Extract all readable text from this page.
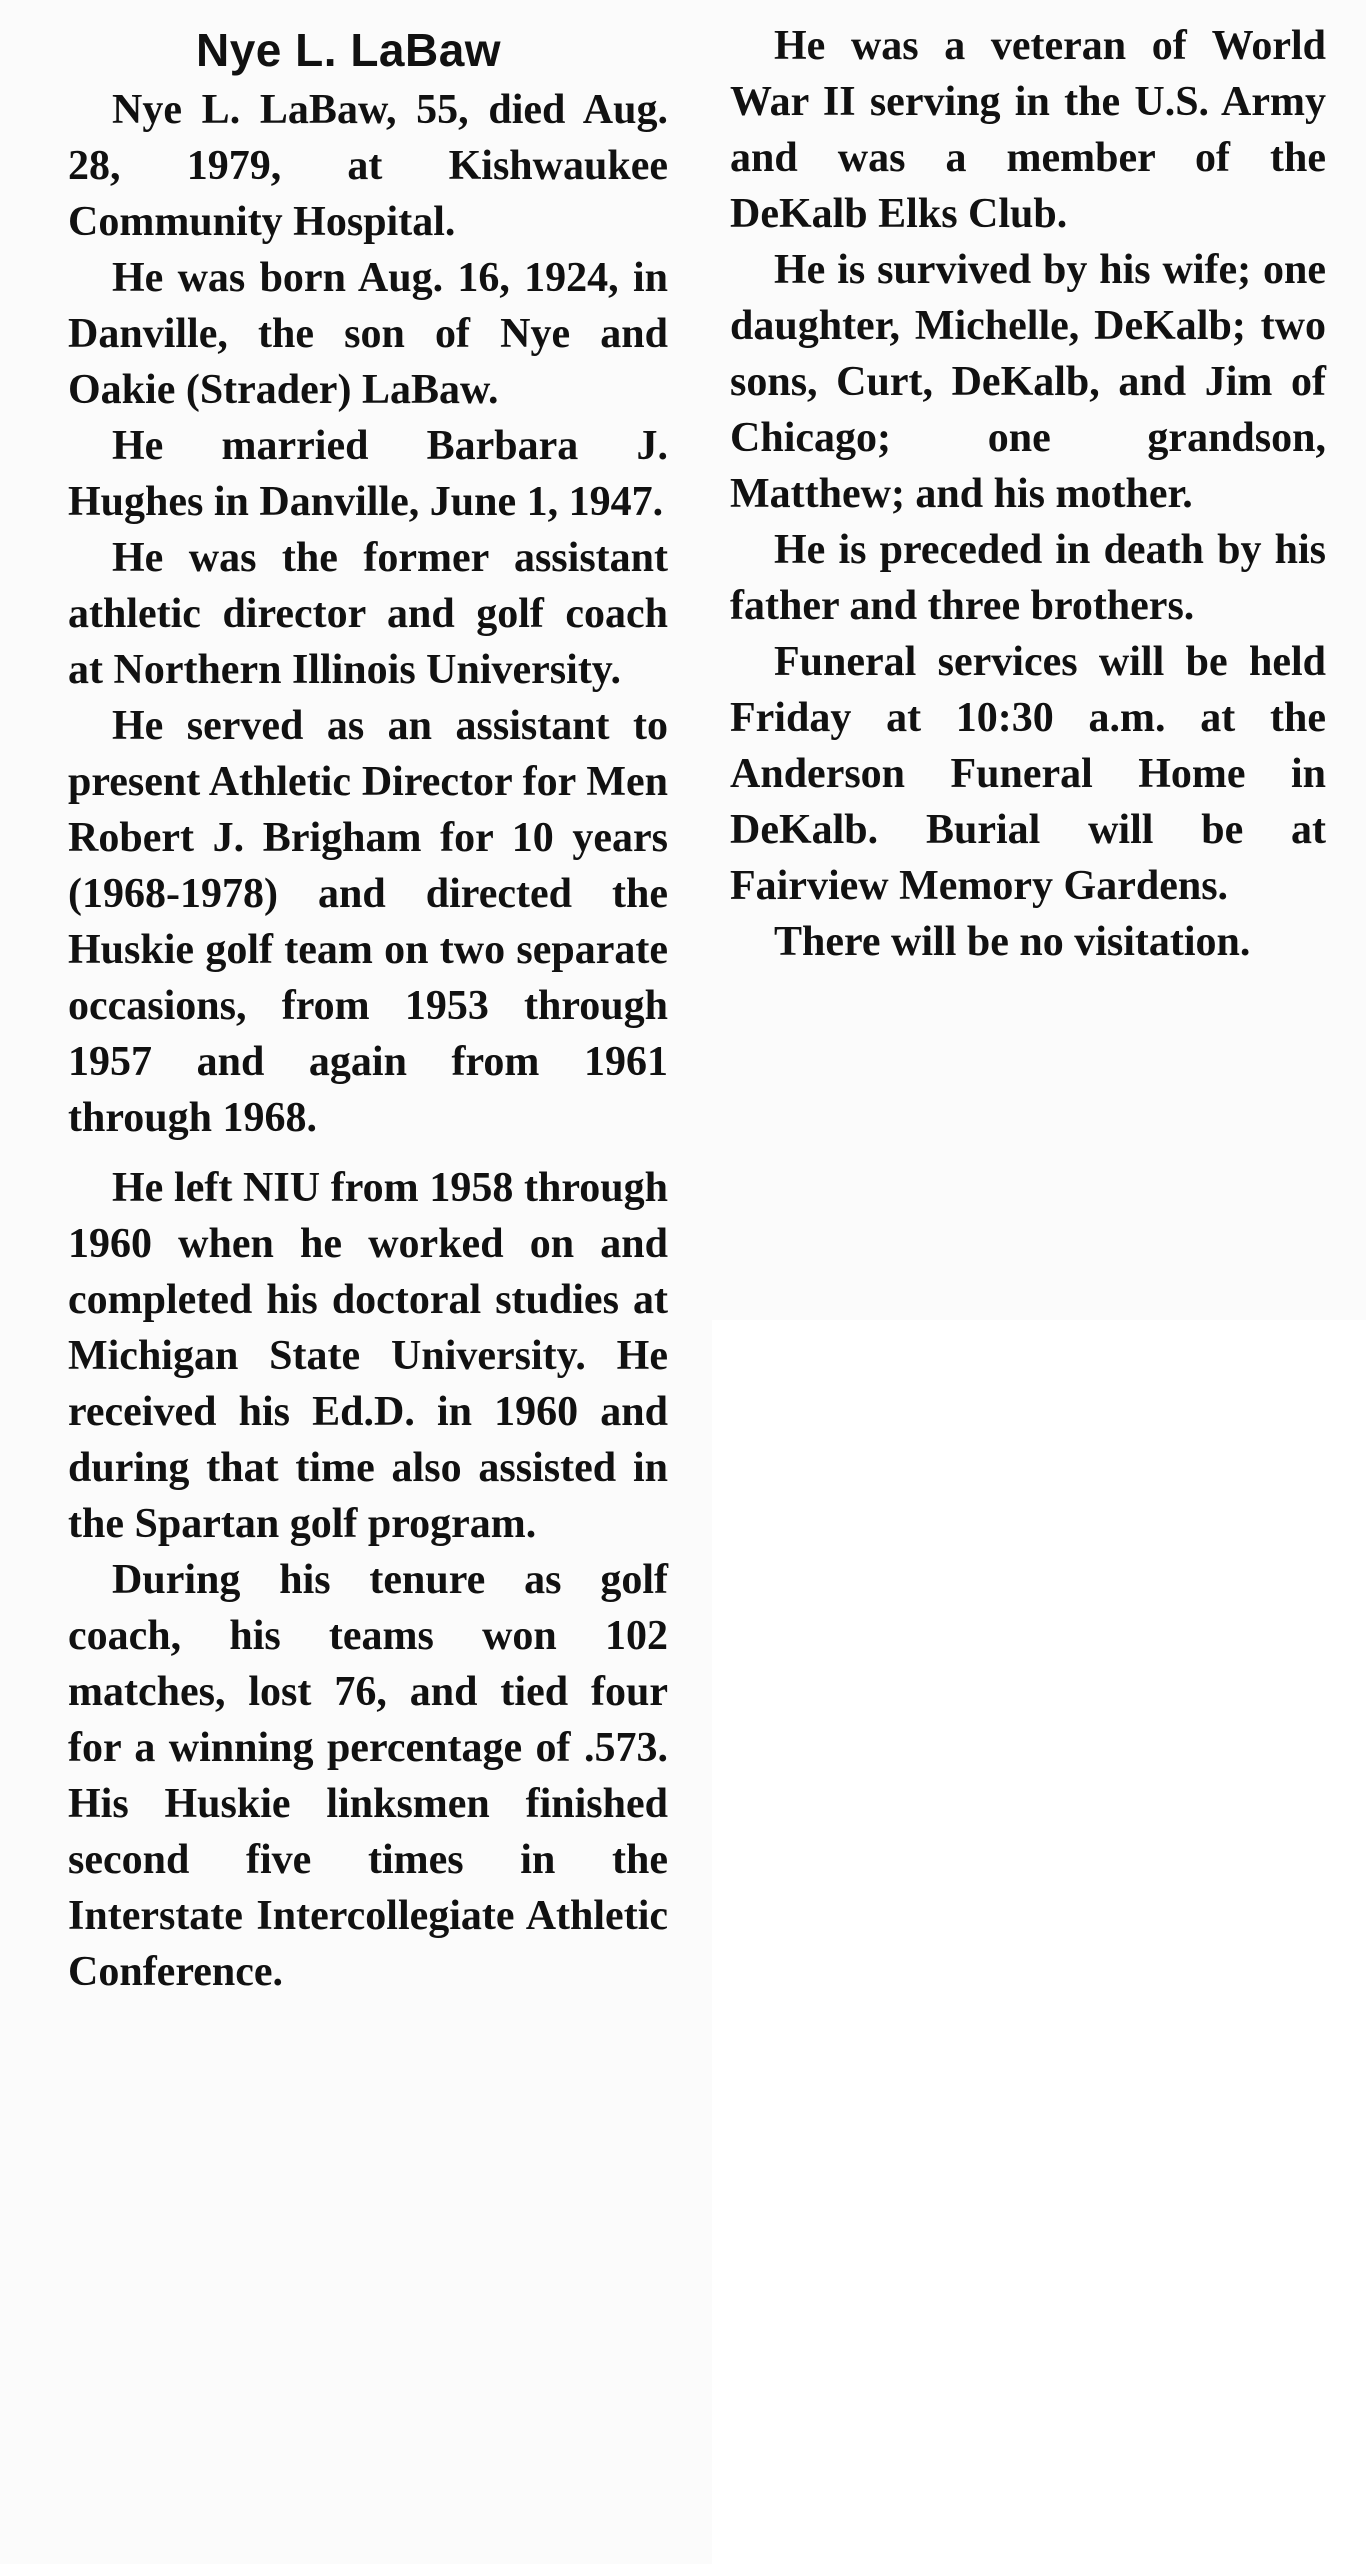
Nye L. LaBaw

Nye L. LaBaw, 55, died Aug. 28, 1979, at Kishwaukee Community Hospital.

He was born Aug. 16, 1924, in Danville, the son of Nye and Oakie (Strader) LaBaw.

He married Barbara J. Hughes in Danville, June 1, 1947.

He was the former assistant athletic director and golf coach at Northern Illinois University.

He served as an assistant to present Athletic Director for Men Robert J. Brigham for 10 years (1968-1978) and directed the Huskie golf team on two separate occasions, from 1953 through 1957 and again from 1961 through 1968.

He left NIU from 1958 through 1960 when he worked on and completed his doctoral studies at Michigan State University. He received his Ed.D. in 1960 and during that time also assisted in the Spartan golf program.

During his tenure as golf coach, his teams won 102 matches, lost 76, and tied four for a winning percentage of .573. His Huskie linksmen finished second five times in the Interstate Intercollegiate Athletic Conference.

He was a veteran of World War II serving in the U.S. Army and was a member of the DeKalb Elks Club.

He is survived by his wife; one daughter, Michelle, DeKalb; two sons, Curt, DeKalb, and Jim of Chicago; one grandson, Matthew; and his mother.

He is preceded in death by his father and three brothers.

Funeral services will be held Friday at 10:30 a.m. at the Anderson Funeral Home in DeKalb. Burial will be at Fairview Memory Gardens.

There will be no visitation.
